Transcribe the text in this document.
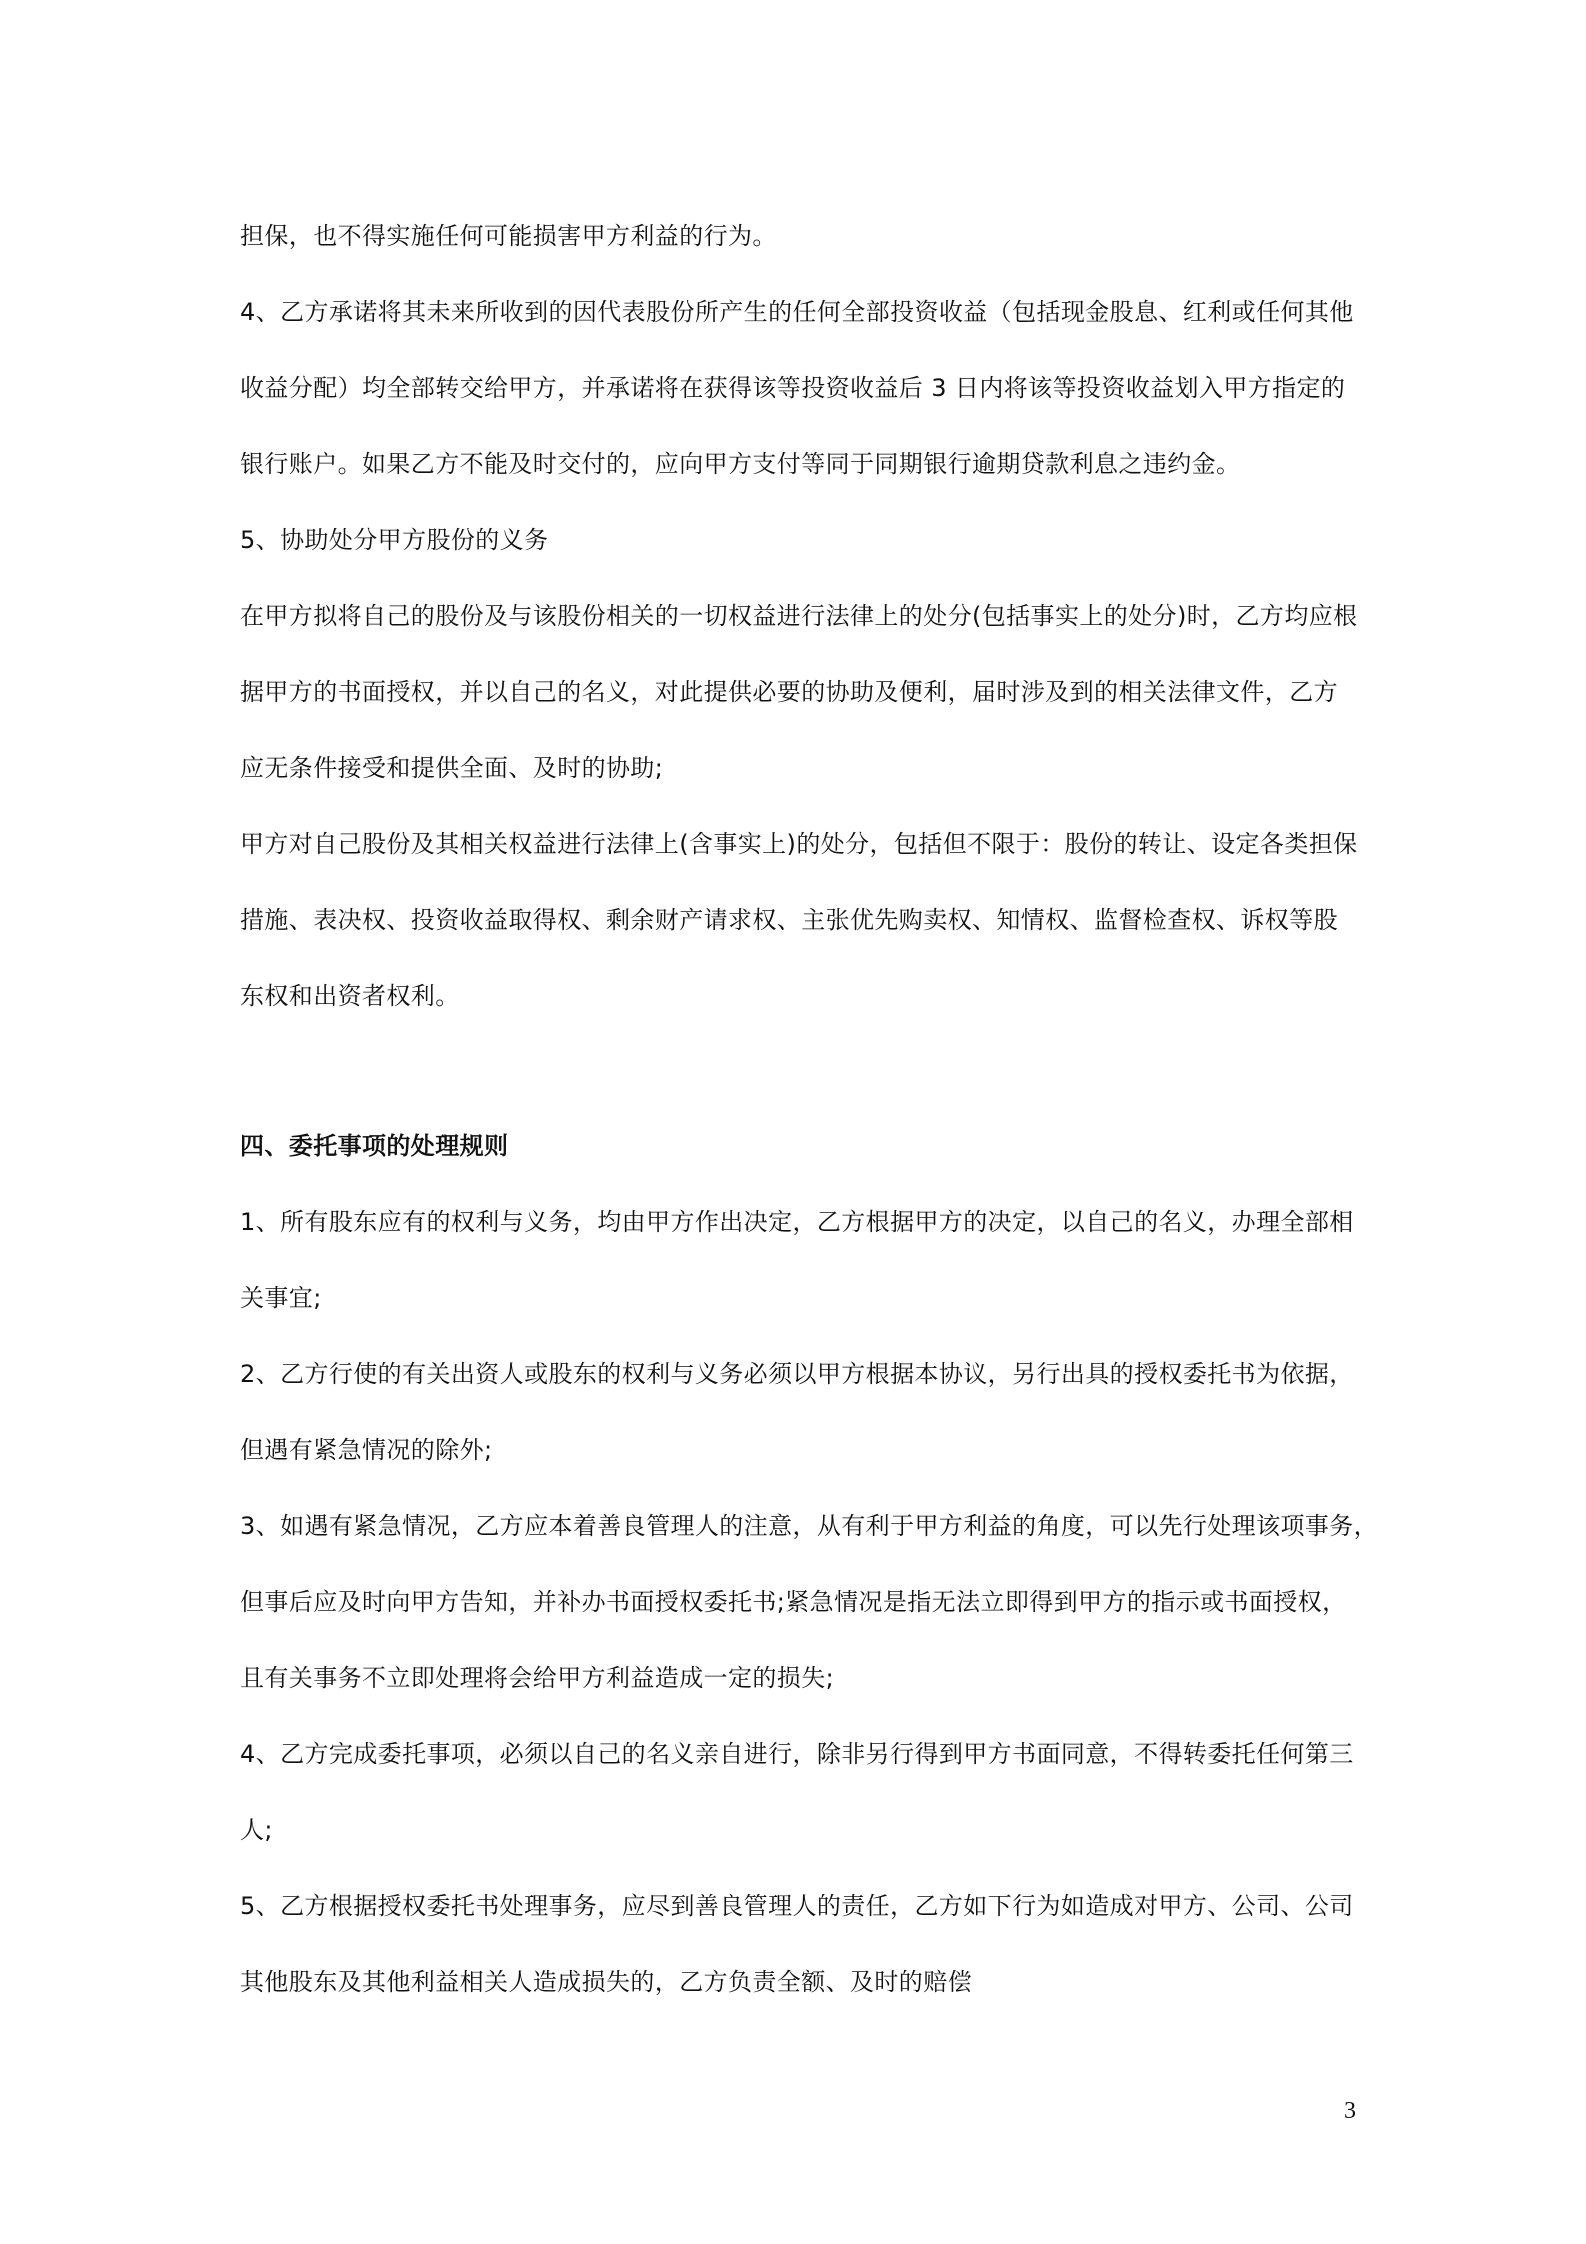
担保，也不得实施任何可能损害甲方利益的行为。
4、乙方承诺将其未来所收到的因代表股份所产生的任何全部投资收益（包括现金股息、红利或任何其他
收益分配）均全部转交给甲方，并承诺将在获得该等投资收益后 3 日内将该等投资收益划入甲方指定的
银行账户。如果乙方不能及时交付的，应向甲方支付等同于同期银行逾期贷款利息之违约金。
5、协助处分甲方股份的义务
在甲方拟将自己的股份及与该股份相关的一切权益进行法律上的处分(包括事实上的处分)时，乙方均应根
据甲方的书面授权，并以自己的名义，对此提供必要的协助及便利，届时涉及到的相关法律文件，乙方
应无条件接受和提供全面、及时的协助;
甲方对自己股份及其相关权益进行法律上(含事实上)的处分，包括但不限于：股份的转让、设定各类担保
措施、表决权、投资收益取得权、剩余财产请求权、主张优先购卖权、知情权、监督检查权、诉权等股
东权和出资者权利。
四、委托事项的处理规则
1、所有股东应有的权利与义务，均由甲方作出决定，乙方根据甲方的决定，以自己的名义，办理全部相
关事宜;
2、乙方行使的有关出资人或股东的权利与义务必须以甲方根据本协议，另行出具的授权委托书为依据，
但遇有紧急情况的除外;
3、如遇有紧急情况，乙方应本着善良管理人的注意，从有利于甲方利益的角度，可以先行处理该项事务，
但事后应及时向甲方告知，并补办书面授权委托书;紧急情况是指无法立即得到甲方的指示或书面授权，
且有关事务不立即处理将会给甲方利益造成一定的损失;
4、乙方完成委托事项，必须以自己的名义亲自进行，除非另行得到甲方书面同意，不得转委托任何第三
人;
5、乙方根据授权委托书处理事务，应尽到善良管理人的责任，乙方如下行为如造成对甲方、公司、公司
其他股东及其他利益相关人造成损失的，乙方负责全额、及时的赔偿
3
